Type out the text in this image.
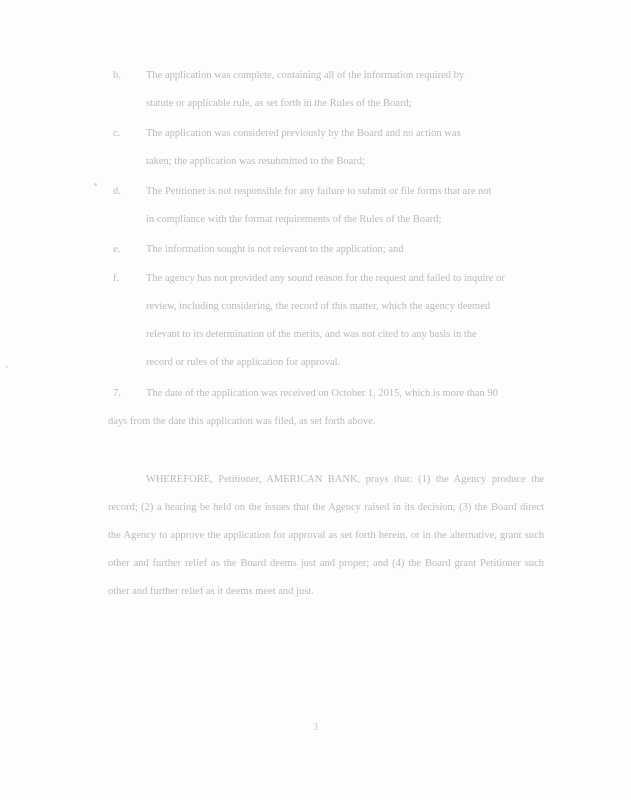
b.	The application was complete, containing all of the information required by
statute or applicable rule, as set forth in the Rules of the Board;
c.	The application was considered previously by the Board and no action was
taken; the application was resubmitted to the Board;
d.	The Petitioner is not responsible for any failure to submit or file forms that are not
in compliance with the format requirements of the Rules of the Board;
e.	The information sought is not relevant to the application; and
f.	The agency has not provided any sound reason for the request and failed to inquire or
review, including considering, the record of this matter, which the agency deemed
relevant to its determination of the merits, and was not cited to any basis in the
record or rules of the application for approval.
7.	The date of the application was received on October 1, 2015, which is more than 90
days from the date this application was filed, as set forth above.
WHEREFORE, Petitioner, AMERICAN BANK, prays that: (1) the Agency produce the record; (2) a hearing be held on the issues that the Agency raised in its decision; (3) the Board direct the Agency to approve the application for approval as set forth herein, or in the alternative, grant such other and further relief as the Board deems just and proper; and (4) the Board grant Petitioner such other and further relief as it deems meet and just.
3
